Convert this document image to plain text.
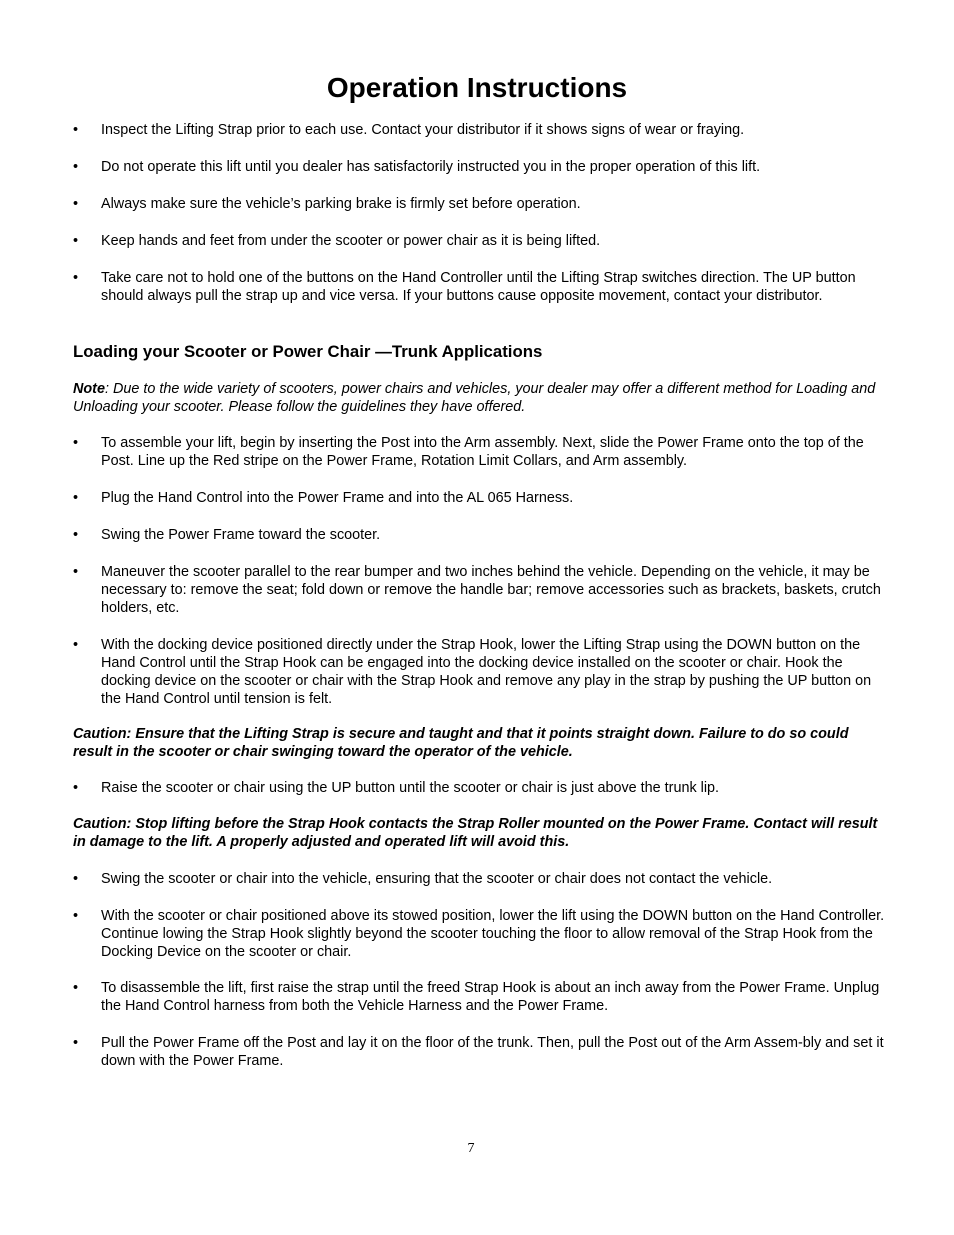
Operation Instructions
•	Inspect the Lifting Strap prior to each use. Contact your distributor if it shows signs of wear or fraying.
•	Do not operate this lift until you dealer has satisfactorily instructed you in the proper operation of this lift.
•	Always make sure the vehicle’s parking brake is firmly set before operation.
•	Keep hands and feet from under the scooter or power chair as it is being lifted.
•	Take care not to hold one of the buttons on the Hand Controller until the Lifting Strap switches direction. The UP button should always pull the strap up and vice versa. If your buttons cause opposite movement, contact your distributor.
Loading your Scooter or Power Chair —Trunk Applications
Note: Due to the wide variety of scooters, power chairs and vehicles, your dealer may offer a different method for Loading and Unloading your scooter. Please follow the guidelines they have offered.
•	To assemble your lift, begin by inserting the Post into the Arm assembly. Next, slide the Power Frame onto the top of the Post. Line up the Red stripe on the Power Frame, Rotation Limit Collars, and Arm assembly.
•	Plug the Hand Control into the Power Frame and into the AL 065 Harness.
•	Swing the Power Frame toward the scooter.
•	Maneuver the scooter parallel to the rear bumper and two inches behind the vehicle. Depending on the vehicle, it may be necessary to: remove the seat; fold down or remove the handle bar; remove accessories such as brackets, baskets, crutch holders, etc.
•	With the docking device positioned directly under the Strap Hook, lower the Lifting Strap using the DOWN button on the Hand Control until the Strap Hook can be engaged into the docking device installed on the scooter or chair. Hook the docking device on the scooter or chair with the Strap Hook and remove any play in the strap by pushing the UP button on the Hand Control until tension is felt.
Caution: Ensure that the Lifting Strap is secure and taught and that it points straight down. Failure to do so could result in the scooter or chair swinging toward the operator of the vehicle.
•	Raise the scooter or chair using the UP button until the scooter or chair is just above the trunk lip.
Caution: Stop lifting before the Strap Hook contacts the Strap Roller mounted on the Power Frame. Contact will result in damage to the lift. A properly adjusted and operated lift will avoid this.
•	Swing the scooter or chair into the vehicle, ensuring that the scooter or chair does not contact the vehicle.
•	With the scooter or chair positioned above its stowed position, lower the lift using the DOWN button on the Hand Controller. Continue lowing the Strap Hook slightly beyond the scooter touching the floor to allow removal of the Strap Hook from the Docking Device on the scooter or chair.
•	To disassemble the lift, first raise the strap until the freed Strap Hook is about an inch away from the Power Frame. Unplug the Hand Control harness from both the Vehicle Harness and the Power Frame.
•	Pull the Power Frame off the Post and lay it on the floor of the trunk. Then, pull the Post out of the Arm Assem-bly and set it down with the Power Frame.
7
